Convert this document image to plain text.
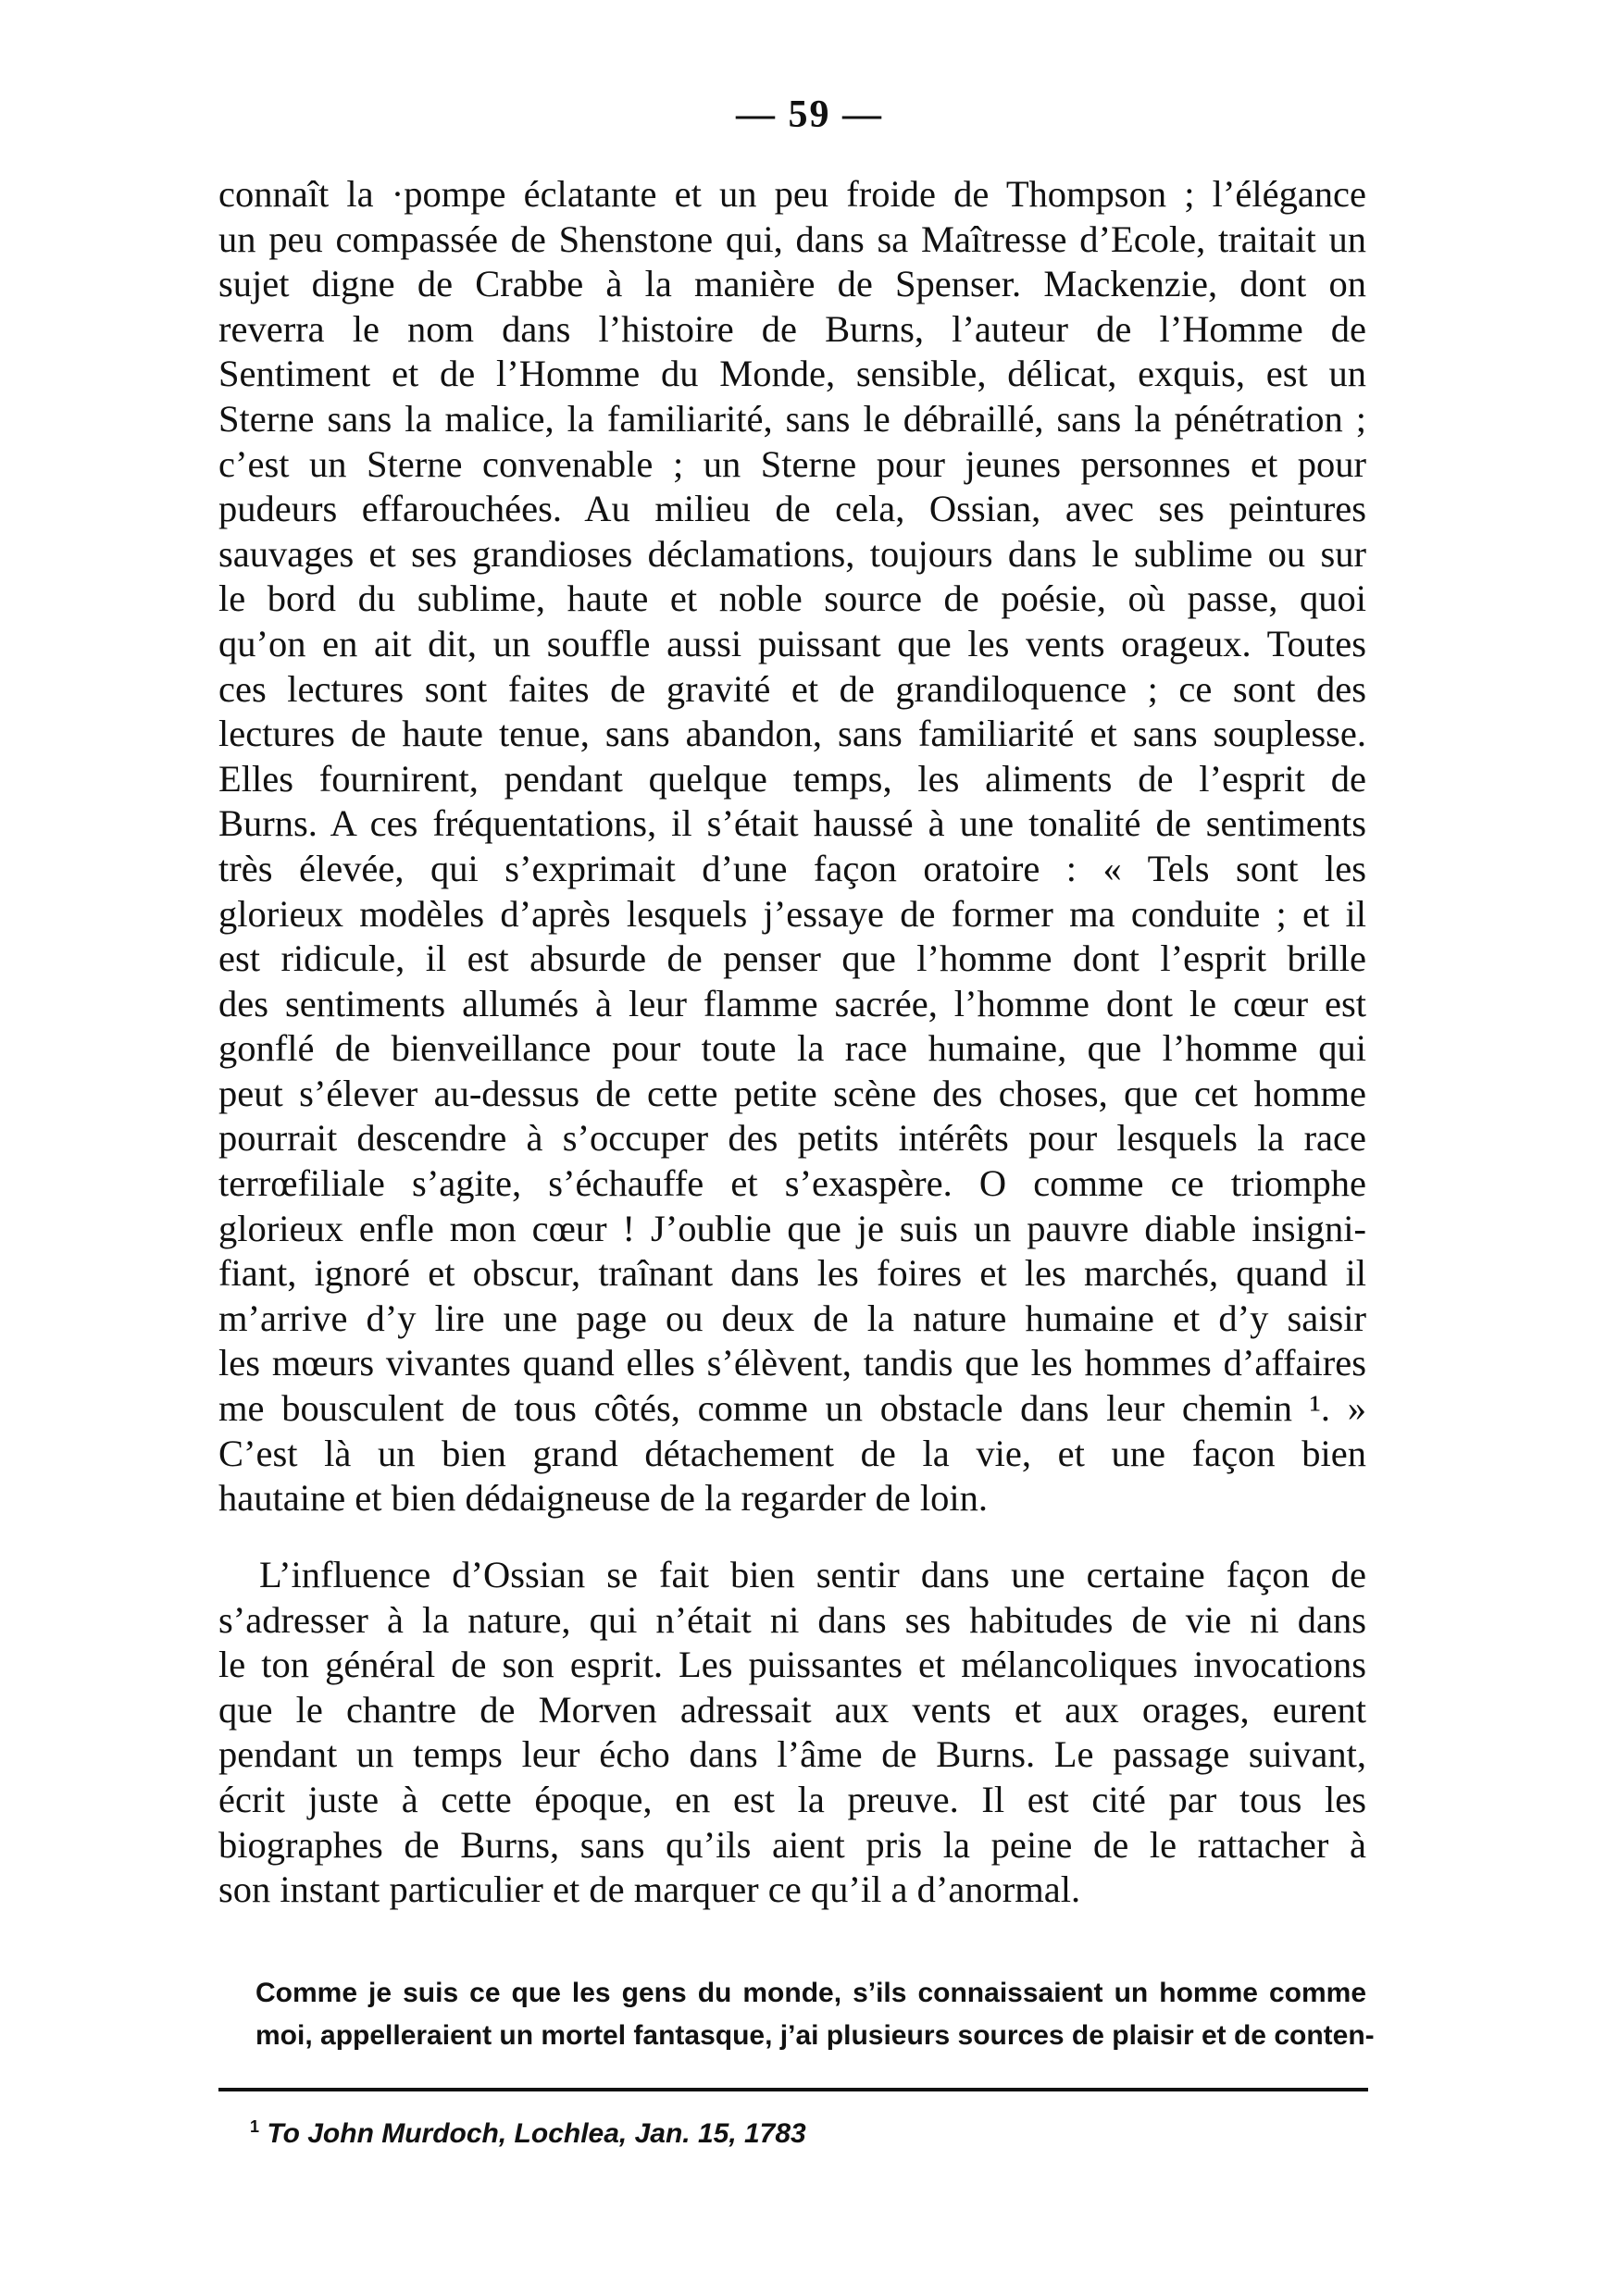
— 59 —
connaît la ·pompe éclatante et un peu froide de Thompson ; l’élégance
un peu compassée de Shenstone qui, dans sa Maîtresse d’Ecole, traitait un
sujet digne de Crabbe à la manière de Spenser. Mackenzie, dont on
reverra le nom dans l’histoire de Burns, l’auteur de l’Homme de
Sentiment et de l’Homme du Monde, sensible, délicat, exquis, est un
Sterne sans la malice, la familiarité, sans le débraillé, sans la pénétration ;
c’est un Sterne convenable ; un Sterne pour jeunes personnes et pour
pudeurs effarouchées. Au milieu de cela, Ossian, avec ses peintures
sauvages et ses grandioses déclamations, toujours dans le sublime ou sur
le bord du sublime, haute et noble source de poésie, où passe, quoi
qu’on en ait dit, un souffle aussi puissant que les vents orageux. Toutes
ces lectures sont faites de gravité et de grandiloquence ; ce sont des
lectures de haute tenue, sans abandon, sans familiarité et sans souplesse.
Elles fournirent, pendant quelque temps, les aliments de l’esprit de
Burns. A ces fréquentations, il s’était haussé à une tonalité de sentiments
très élevée, qui s’exprimait d’une façon oratoire : « Tels sont les
glorieux modèles d’après lesquels j’essaye de former ma conduite ; et il
est ridicule, il est absurde de penser que l’homme dont l’esprit brille
des sentiments allumés à leur flamme sacrée, l’homme dont le cœur est
gonflé de bienveillance pour toute la race humaine, que l’homme qui
peut s’élever au-dessus de cette petite scène des choses, que cet homme
pourrait descendre à s’occuper des petits intérêts pour lesquels la race
terrœfiliale s’agite, s’échauffe et s’exaspère. O comme ce triomphe
glorieux enfle mon cœur ! J’oublie que je suis un pauvre diable insigni-
fiant, ignoré et obscur, traînant dans les foires et les marchés, quand il
m’arrive d’y lire une page ou deux de la nature humaine et d’y saisir
les mœurs vivantes quand elles s’élèvent, tandis que les hommes d’affaires
me bousculent de tous côtés, comme un obstacle dans leur chemin ¹. »
C’est là un bien grand détachement de la vie, et une façon bien
hautaine et bien dédaigneuse de la regarder de loin.
L’influence d’Ossian se fait bien sentir dans une certaine façon de
s’adresser à la nature, qui n’était ni dans ses habitudes de vie ni dans
le ton général de son esprit. Les puissantes et mélancoliques invocations
que le chantre de Morven adressait aux vents et aux orages, eurent
pendant un temps leur écho dans l’âme de Burns. Le passage suivant,
écrit juste à cette époque, en est la preuve. Il est cité par tous les
biographes de Burns, sans qu’ils aient pris la peine de le rattacher à
son instant particulier et de marquer ce qu’il a d’anormal.
Comme je suis ce que les gens du monde, s’ils connaissaient un homme comme
moi, appelleraient un mortel fantasque, j’ai plusieurs sources de plaisir et de conten-
$^1$ To John Murdoch, Lochlea, Jan. 15, 1783
